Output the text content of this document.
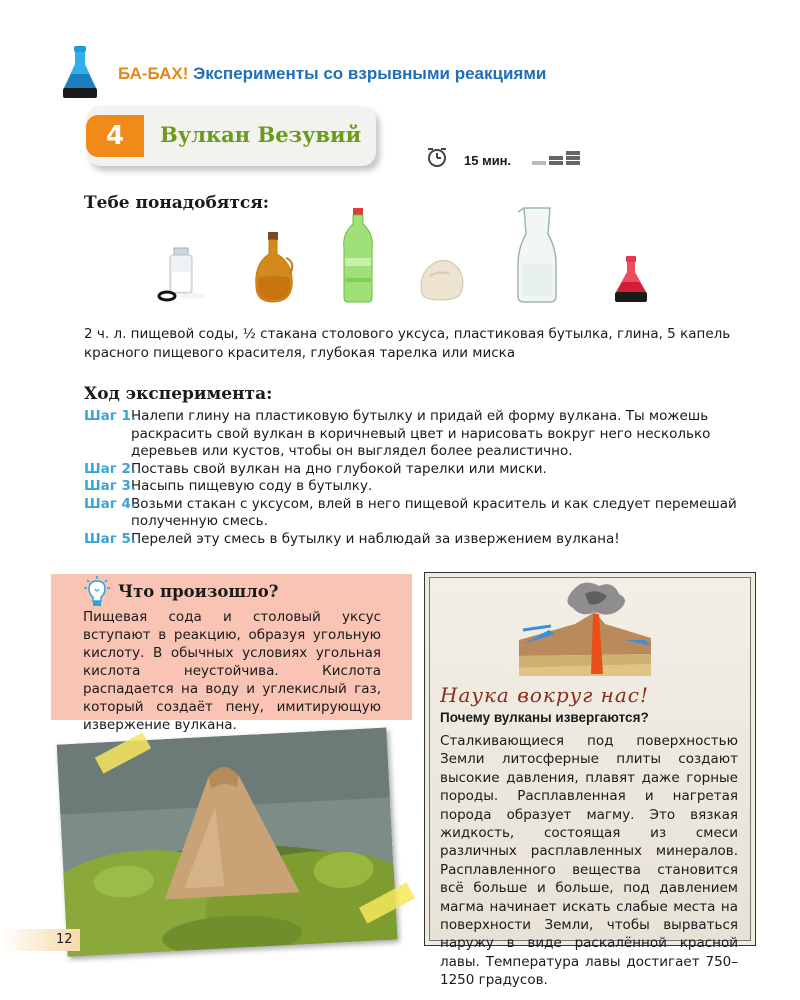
БА-БАХ! Эксперименты со взрывными реакциями
4	Вулкан Везувий
15 мин.
Тебе понадобятся:
2 ч. л. пищевой соды, ½ стакана столового уксуса, пластиковая бутылка, глина, 5 капель красного пищевого красителя, глубокая тарелка или миска
Ход эксперимента:
Шаг 1.
Налепи глину на пластиковую бутылку и придай ей форму вулкана. Ты можешь раскрасить свой вулкан в коричневый цвет и нарисовать вокруг него несколько деревьев или кустов, чтобы он выглядел более реалистично.
Шаг 2.
Поставь свой вулкан на дно глубокой тарелки или миски.
Шаг 3.
Насыпь пищевую соду в бутылку.
Шаг 4.
Возьми стакан с уксусом, влей в него пищевой краситель и как следует перемешай полученную смесь.
Шаг 5.
Перелей эту смесь в бутылку и наблюдай за извержением вулкана!
Что произошло?
Пищевая сода и столовый уксус вступают в реакцию, образуя угольную кислоту. В обычных условиях угольная кислота неустойчива. Кислота распадается на воду и углекислый газ, который создаёт пену, имитирующую извержение вулкана.
Наука вокруг нас!
Почему вулканы извергаются?
Сталкивающиеся под поверхностью Земли литосферные плиты создают высокие давления, плавят даже горные породы. Расплавленная и нагретая порода образует магму. Это вязкая жидкость, состоящая из смеси различных расплавленных минералов. Расплавленного вещества становится всё больше и больше, под давлением магма начинает искать слабые места на поверхности Земли, чтобы вырваться наружу в виде раскалённой красной лавы. Температура лавы достигает 750–1250 градусов.
12
